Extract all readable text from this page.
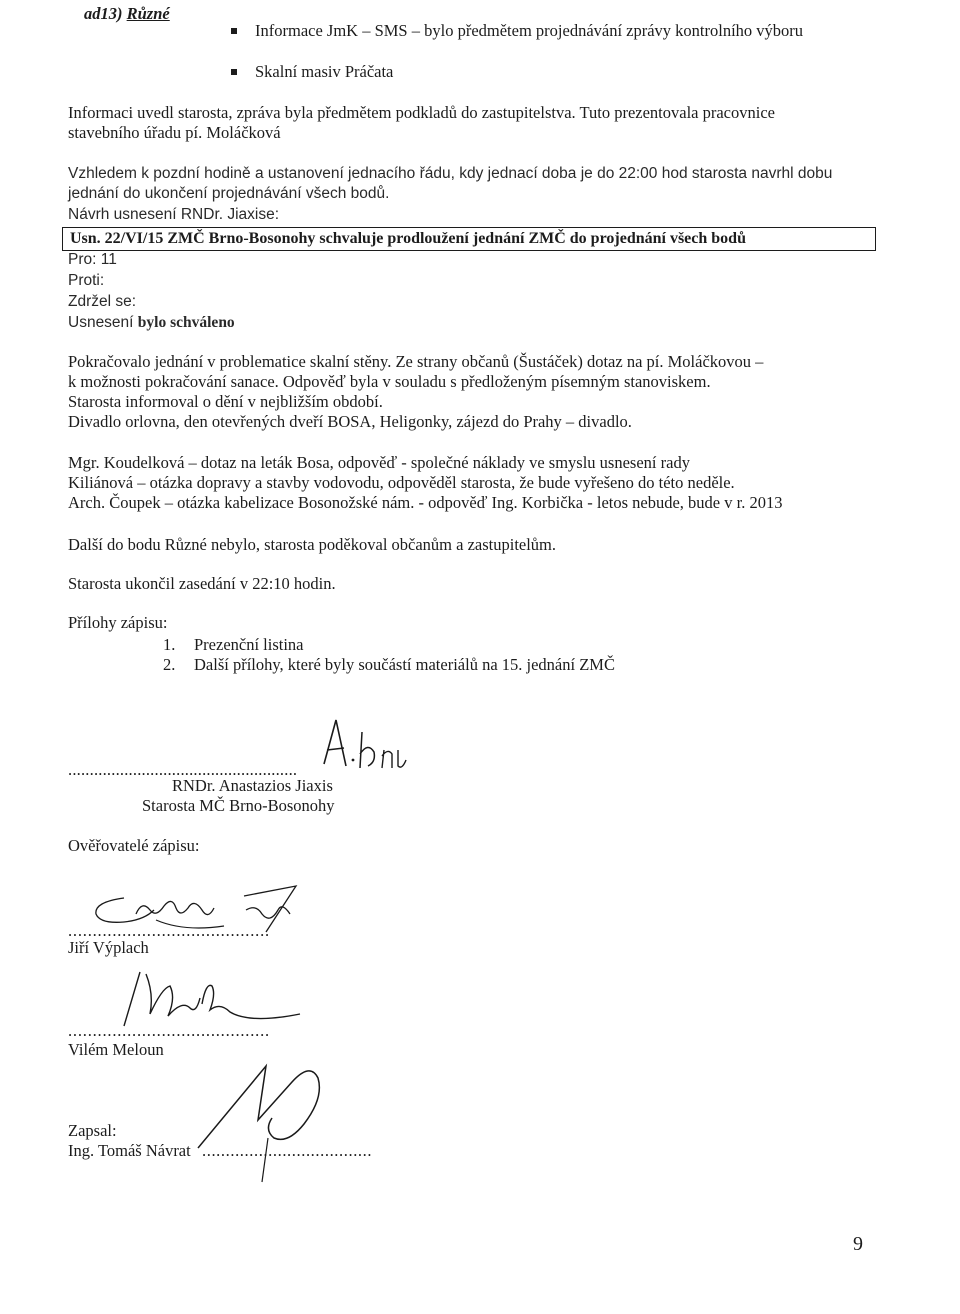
ad13) Různé
Informace JmK – SMS – bylo předmětem projednávání zprávy kontrolního výboru
Skalní masiv Práčata
Informaci uvedl starosta, zpráva byla předmětem podkladů do zastupitelstva. Tuto prezentovala pracovnice
stavebního úřadu pí. Moláčková
Vzhledem k pozdní hodině a ustanovení jednacího řádu, kdy jednací doba je do 22:00 hod starosta navrhl dobu
jednání do ukončení projednávání všech bodů.
Návrh usnesení RNDr. Jiaxise:
Usn. 22/VI/15 ZMČ Brno-Bosonohy schvaluje prodloužení jednání ZMČ do projednání všech bodů
Pro: 11
Proti:
Zdržel se:
Usnesení bylo schváleno
Pokračovalo jednání v problematice skalní stěny. Ze strany občanů (Šustáček) dotaz na pí. Moláčkovou –
k možnosti pokračování sanace. Odpověď byla v souladu s předloženým písemným stanoviskem.
Starosta informoval o dění v nejbližším období.
Divadlo orlovna, den otevřených dveří BOSA, Heligonky, zájezd do Prahy – divadlo.
Mgr. Koudelková – dotaz na leták Bosa, odpověď - společné náklady ve smyslu usnesení rady
Kiliánová – otázka dopravy a stavby vodovodu, odpověděl starosta, že bude vyřešeno do této neděle.
Arch. Čoupek – otázka kabelizace Bosonožské nám. - odpověď Ing. Korbička - letos nebude, bude v r. 2013
Další do bodu Různé nebylo, starosta poděkoval občanům a zastupitelům.
Starosta ukončil zasedání v 22:10 hodin.
Přílohy zápisu:
1. Prezenční listina
2. Další přílohy, které byly součástí materiálů na 15. jednání ZMČ
.....................................................
RNDr. Anastazios Jiaxis
Starosta MČ Brno-Bosonohy
Ověřovatelé zápisu:
.........................................
Jiří Výplach
.........................................
Vilém Meloun
Zapsal:
Ing. Tomáš Návrat ....................................
9
